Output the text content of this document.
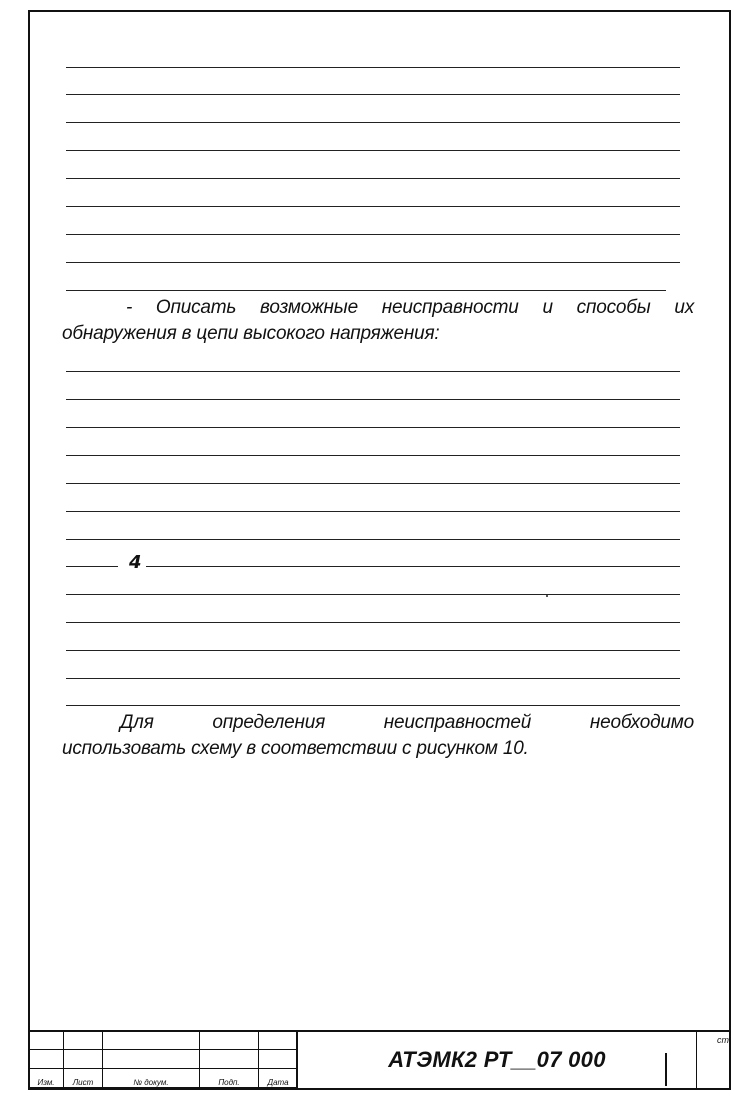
- Описать возможные неисправности и способы их

обнаружения в цепи высокого напряжения:

4

Для определения неисправностей необходимо

использовать схему в соответствии с рисунком 10.

Изм.	Лист	№ докум.	Подп.	Дата
АТЭМК2 РТ__07 000
ст
